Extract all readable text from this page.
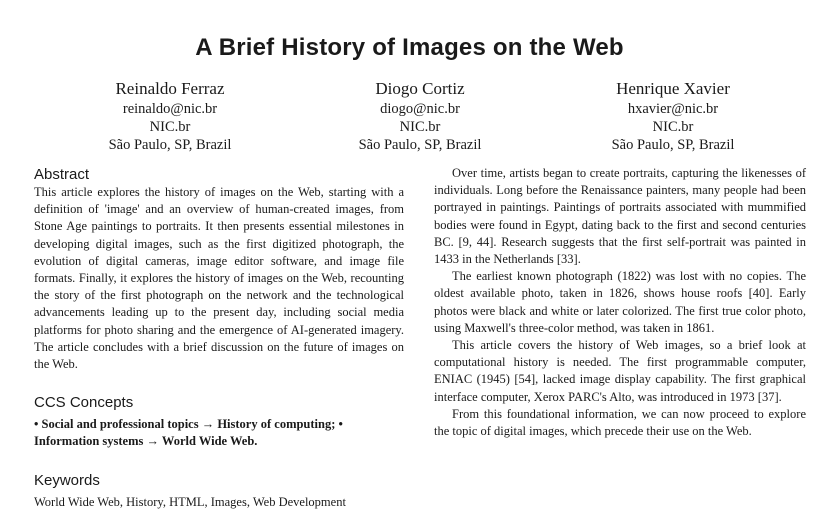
A Brief History of Images on the Web
Reinaldo Ferraz
reinaldo@nic.br
NIC.br
São Paulo, SP, Brazil
Diogo Cortiz
diogo@nic.br
NIC.br
São Paulo, SP, Brazil
Henrique Xavier
hxavier@nic.br
NIC.br
São Paulo, SP, Brazil
Abstract

This article explores the history of images on the Web, starting with a definition of 'image' and an overview of human-created images, from Stone Age paintings to portraits. It then presents essential milestones in developing digital images, such as the first digitized photograph, the evolution of digital cameras, image editor software, and image file formats. Finally, it explores the history of images on the Web, recounting the story of the first photograph on the network and the technological advancements leading up to the present day, including social media platforms for photo sharing and the emergence of AI-generated imagery. The article concludes with a brief discussion on the future of images on the Web.

CCS Concepts
• Social and professional topics → History of computing; • Information systems → World Wide Web.
Keywords
World Wide Web, History, HTML, Images, Web Development

Over time, artists began to create portraits, capturing the likenesses of individuals. Long before the Renaissance painters, many people had been portrayed in paintings. Paintings of portraits associated with mummified bodies were found in Egypt, dating back to the first and second centuries BC. [9, 44]. Research suggests that the first self-portrait was painted in 1433 in the Netherlands [33].

The earliest known photograph (1822) was lost with no copies. The oldest available photo, taken in 1826, shows house roofs [40]. Early photos were black and white or later colorized. The first true color photo, using Maxwell's three-color method, was taken in 1861.

This article covers the history of Web images, so a brief look at computational history is needed. The first programmable computer, ENIAC (1945) [54], lacked image display capability. The first graphical interface computer, Xerox PARC's Alto, was introduced in 1973 [37].

From this foundational information, we can now proceed to explore the topic of digital images, which precede their use on the Web.
